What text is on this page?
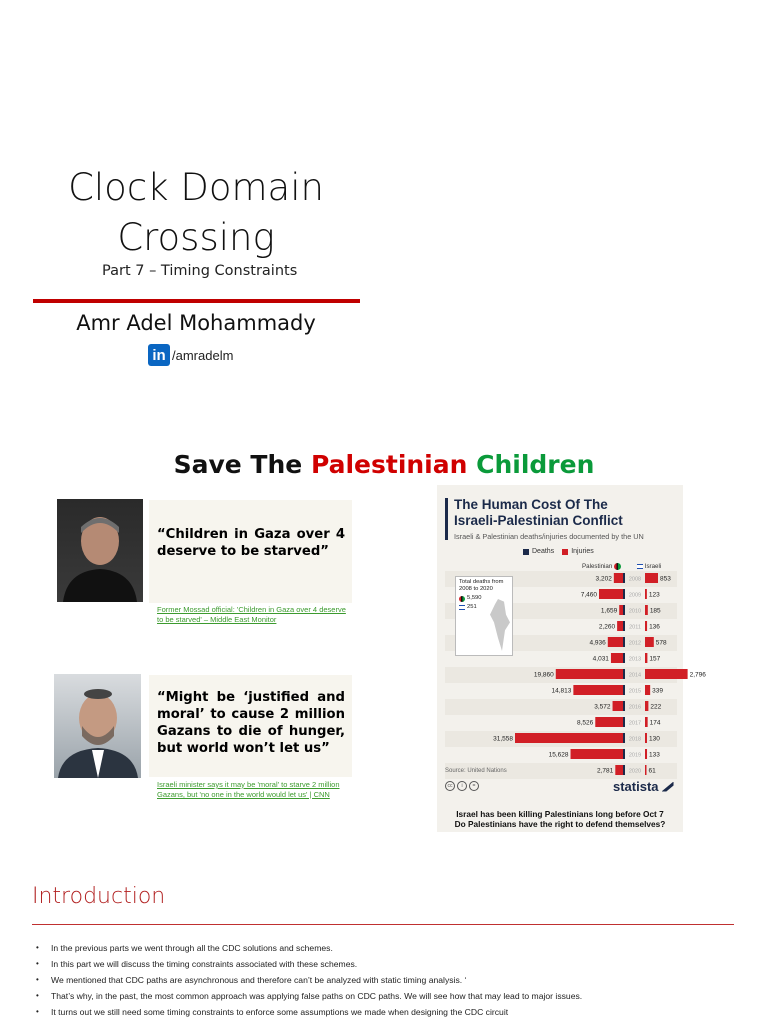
Clock Domain
Crossing
Part 7 – Timing Constraints
Amr Adel Mohammady
in /amradelm
Save The Palestinian Children
“Children in Gaza over 4 deserve to be starved”
Former Mossad official: 'Children in Gaza over 4 deserve to be starved' – Middle East Monitor
“Might be ‘justified and moral’ to cause 2 million Gazans to die of hunger, but world won’t let us”
Israeli minister says it may be 'moral' to starve 2 million Gazans, but 'no one in the world would let us' | CNN
The Human Cost Of The
Israeli-Palestinian Conflict
Israeli & Palestinian deaths/injuries documented by the UN
Deaths Injuries
Palestinian	Israeli
2008
3,202	853
2009
7,460	123
2010
1,659	185
2011
2,260	136
2012
4,936	578
2013
4,031	157
2014
19,860	2,796
2015
14,813	339
2016
3,572	222
2017
8,526	174
2018
31,558	130
2019
15,628	133
2020
2,781	61
Total deaths from 2008 to 2020
5,590
251
Source: United Nations
cc	i	=	statista
Israel has been killing Palestinians long before Oct 7
Do Palestinians have the right to defend themselves?
Introduction
• In the previous parts we went through all the CDC solutions and schemes.
• In this part we will discuss the timing constraints associated with these schemes.
• We mentioned that CDC paths are asynchronous and therefore can’t be analyzed with static timing analysis. ‘
• That’s why, in the past, the most common approach was applying false paths on CDC paths. We will see how that may lead to major issues.
• It turns out we still need some timing constraints to enforce some assumptions we made when designing the CDC circuit
